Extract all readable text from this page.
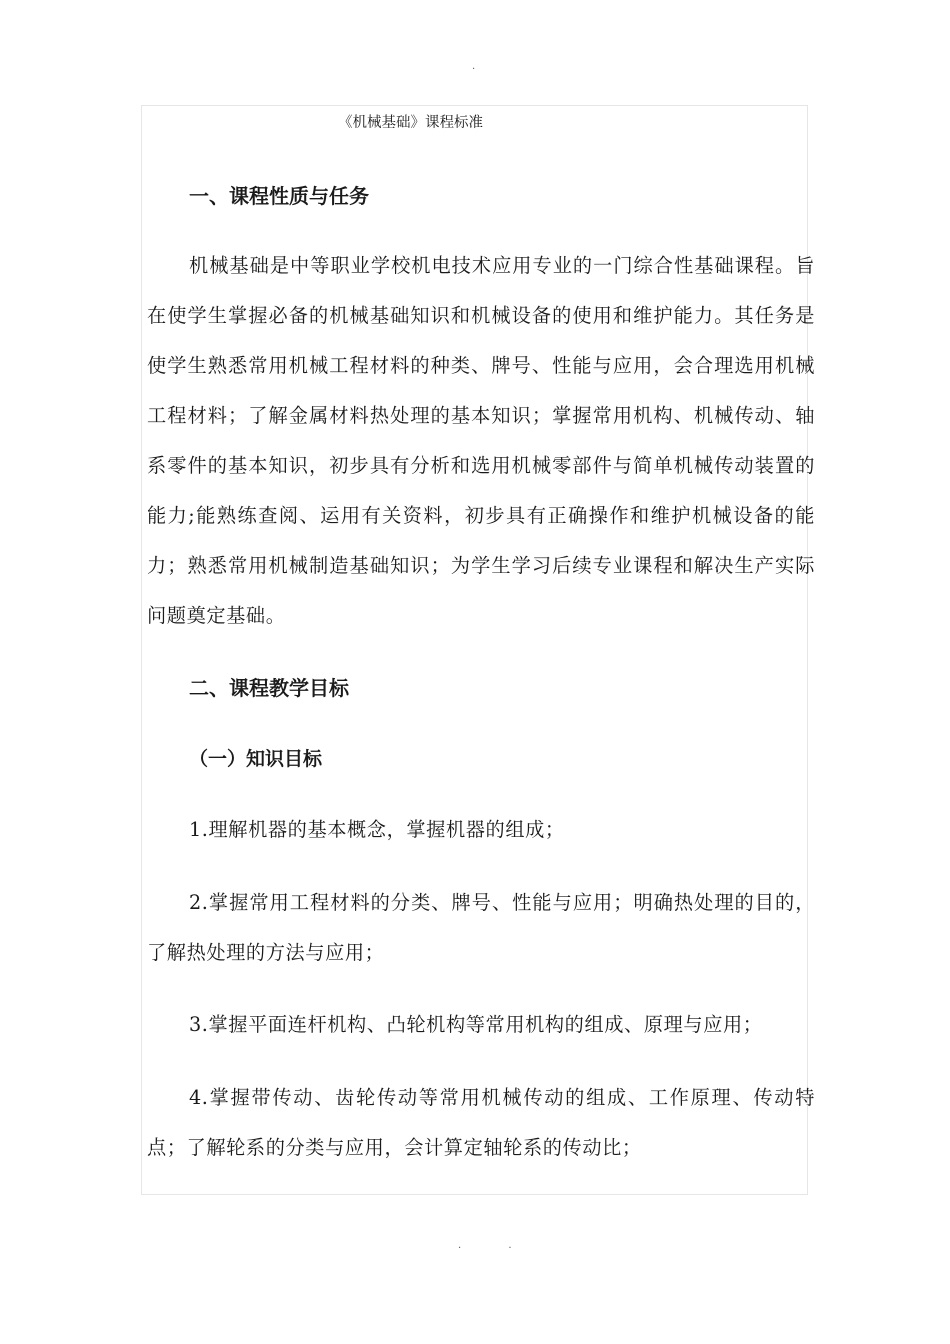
.
《机械基础》课程标准
一、课程性质与任务

机械基础是中等职业学校机电技术应用专业的一门综合性基础课程。旨在使学生掌握必备的机械基础知识和机械设备的使用和维护能力。其任务是使学生熟悉常用机械工程材料的种类、牌号、性能与应用，会合理选用机械工程材料；了解金属材料热处理的基本知识；掌握常用机构、机械传动、轴系零件的基本知识，初步具有分析和选用机械零部件与简单机械传动装置的能力;能熟练查阅、运用有关资料，初步具有正确操作和维护机械设备的能力；熟悉常用机械制造基础知识；为学生学习后续专业课程和解决生产实际问题奠定基础。

二、课程教学目标
（一）知识目标

1.理解机器的基本概念，掌握机器的组成；

2.掌握常用工程材料的分类、牌号、性能与应用；明确热处理的目的，了解热处理的方法与应用；

3.掌握平面连杆机构、凸轮机构等常用机构的组成、原理与应用；

4.掌握带传动、齿轮传动等常用机械传动的组成、工作原理、传动特点；了解轮系的分类与应用，会计算定轴轮系的传动比；

. .
